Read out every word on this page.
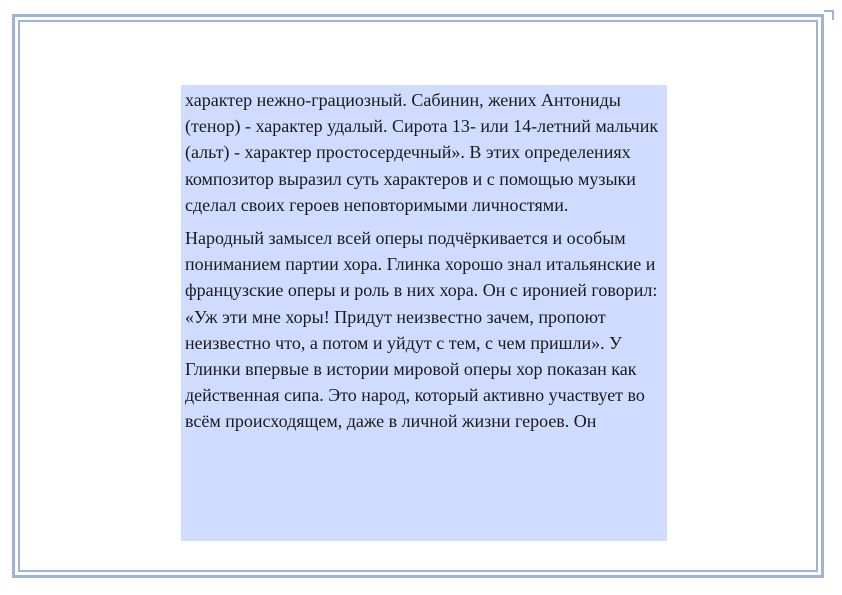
характер нежно-грациозный. Сабинин, жених Антониды (тенор) - характер удалый. Сирота 13- или 14-летний мальчик (альт) - характер простосердечный». В этих определениях композитор выразил суть характеров и с помощью музыки сделал своих героев неповторимыми личностями.

Народный замысел всей оперы подчёркивается и особым пониманием партии хора. Глинка хорошо знал итальянские и французские оперы и роль в них хора. Он с иронией говорил: «Уж эти мне хоры! Придут неизвестно зачем, пропоют неизвестно что, а потом и уйдут с тем, с чем пришли». У Глинки впервые в истории мировой оперы хор показан как действенная сипа. Это народ, который активно участвует во всём происходящем, даже в личной жизни героев. Он
